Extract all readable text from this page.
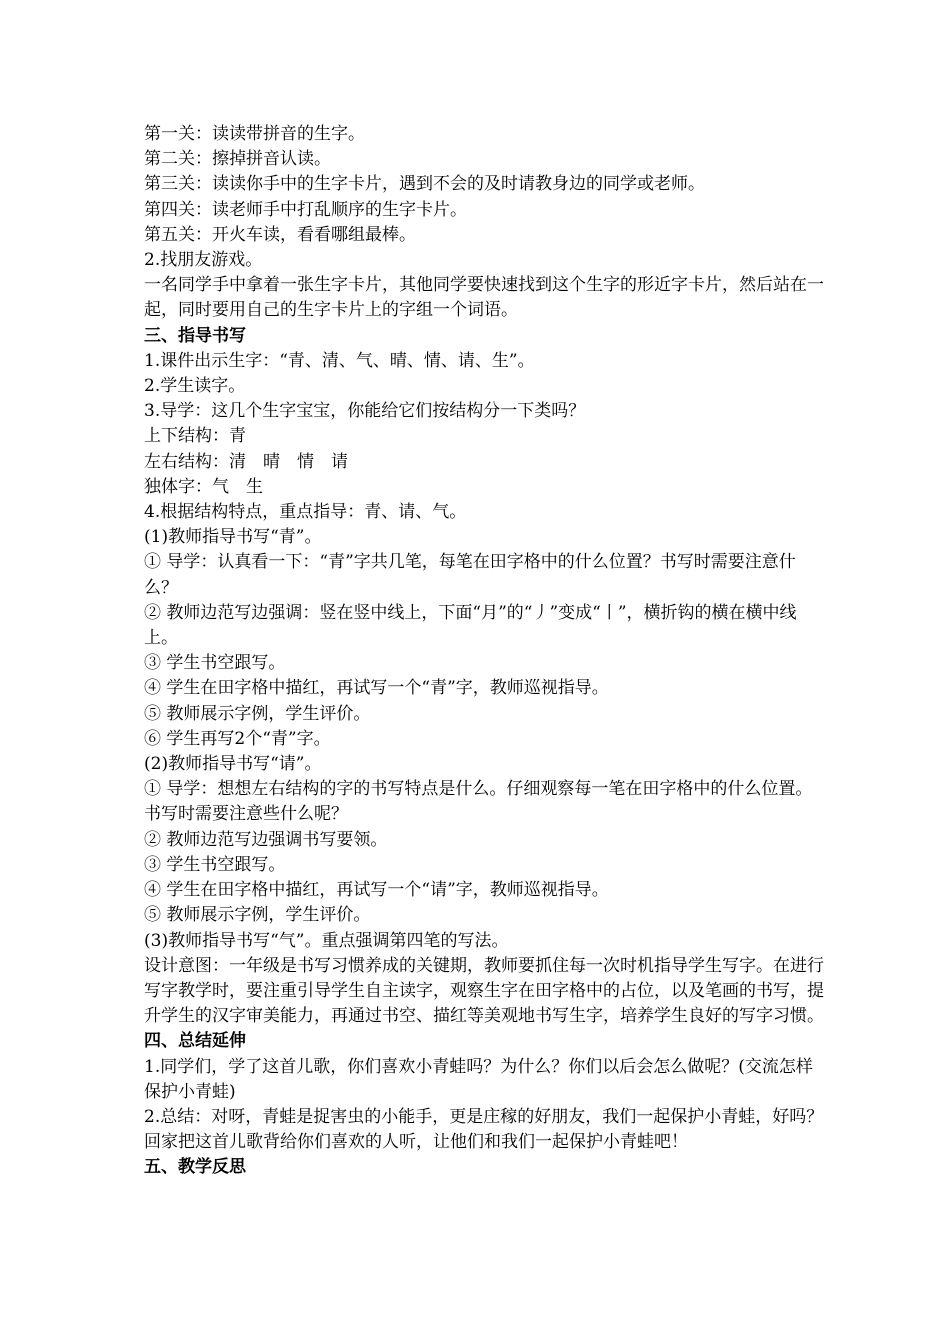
第一关：读读带拼音的生字。

第二关：擦掉拼音认读。

第三关：读读你手中的生字卡片，遇到不会的及时请教身边的同学或老师。

第四关：读老师手中打乱顺序的生字卡片。

第五关：开火车读，看看哪组最棒。

2.找朋友游戏。

一名同学手中拿着一张生字卡片，其他同学要快速找到这个生字的形近字卡片，然后站在一起，同时要用自己的生字卡片上的字组一个词语。

三、指导书写

1.课件出示生字：“青、清、气、晴、情、请、生”。

2.学生读字。

3.导学：这几个生字宝宝，你能给它们按结构分一下类吗？

上下结构：青

左右结构：清　晴　情　请

独体字：气　生

4.根据结构特点，重点指导：青、请、气。

(1)教师指导书写“青”。

① 导学：认真看一下：“青”字共几笔，每笔在田字格中的什么位置？书写时需要注意什么？

② 教师边范写边强调：竖在竖中线上，下面“月”的“丿”变成“丨”，横折钩的横在横中线上。

③ 学生书空跟写。

④ 学生在田字格中描红，再试写一个“青”字，教师巡视指导。

⑤ 教师展示字例，学生评价。

⑥ 学生再写2个“青”字。

(2)教师指导书写“请”。

① 导学：想想左右结构的字的书写特点是什么。仔细观察每一笔在田字格中的什么位置。书写时需要注意些什么呢？

② 教师边范写边强调书写要领。

③ 学生书空跟写。

④ 学生在田字格中描红，再试写一个“请”字，教师巡视指导。

⑤ 教师展示字例，学生评价。

(3)教师指导书写“气”。重点强调第四笔的写法。

设计意图：一年级是书写习惯养成的关键期，教师要抓住每一次时机指导学生写字。在进行写字教学时，要注重引导学生自主读字，观察生字在田字格中的占位，以及笔画的书写，提升学生的汉字审美能力，再通过书空、描红等美观地书写生字，培养学生良好的写字习惯。

四、总结延伸

1.同学们，学了这首儿歌，你们喜欢小青蛙吗？为什么？你们以后会怎么做呢？(交流怎样保护小青蛙)

2.总结：对呀，青蛙是捉害虫的小能手，更是庄稼的好朋友，我们一起保护小青蛙，好吗？回家把这首儿歌背给你们喜欢的人听，让他们和我们一起保护小青蛙吧！

五、教学反思
